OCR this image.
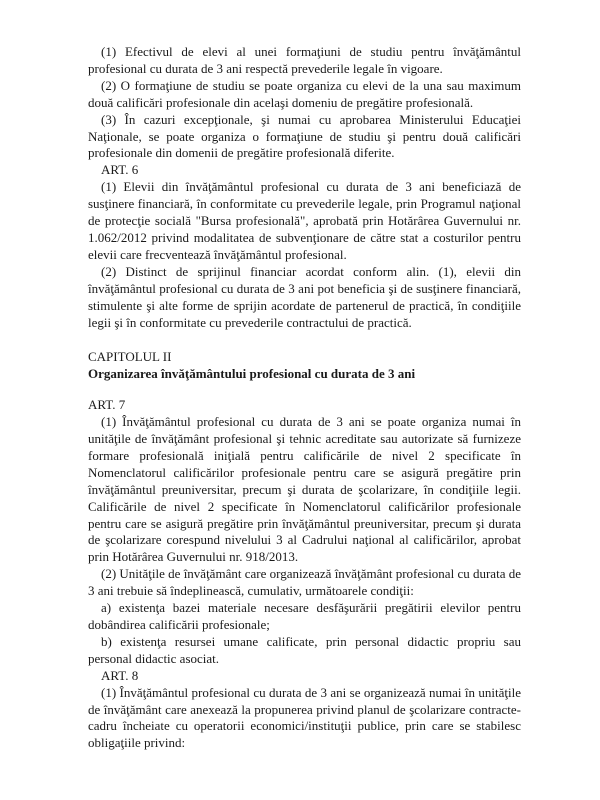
(1) Efectivul de elevi al unei formaţiuni de studiu pentru învăţământul profesional cu durata de 3 ani respectă prevederile legale în vigoare.

(2) O formaţiune de studiu se poate organiza cu elevi de la una sau maximum două calificări profesionale din acelaşi domeniu de pregătire profesională.

(3) În cazuri excepţionale, şi numai cu aprobarea Ministerului Educaţiei Naţionale, se poate organiza o formaţiune de studiu şi pentru două calificări profesionale din domenii de pregătire profesională diferite.

ART. 6

(1) Elevii din învăţământul profesional cu durata de 3 ani beneficiază de susţinere financiară, în conformitate cu prevederile legale, prin Programul naţional de protecţie socială "Bursa profesională", aprobată prin Hotărârea Guvernului nr. 1.062/2012 privind modalitatea de subvenţionare de către stat a costurilor pentru elevii care frecventează învăţământul profesional.

(2) Distinct de sprijinul financiar acordat conform alin. (1), elevii din învăţământul profesional cu durata de 3 ani pot beneficia şi de susţinere financiară, stimulente şi alte forme de sprijin acordate de partenerul de practică, în condiţiile legii şi în conformitate cu prevederile contractului de practică.

CAPITOLUL II

Organizarea învăţământului profesional cu durata de 3 ani

ART. 7

(1) Învăţământul profesional cu durata de 3 ani se poate organiza numai în unităţile de învăţământ profesional şi tehnic acreditate sau autorizate să furnizeze formare profesională iniţială pentru calificările de nivel 2 specificate în Nomenclatorul calificărilor profesionale pentru care se asigură pregătire prin învăţământul preuniversitar, precum şi durata de şcolarizare, în condiţiile legii. Calificările de nivel 2 specificate în Nomenclatorul calificărilor profesionale pentru care se asigură pregătire prin învăţământul preuniversitar, precum şi durata de şcolarizare corespund nivelului 3 al Cadrului naţional al calificărilor, aprobat prin Hotărârea Guvernului nr. 918/2013.

(2) Unităţile de învăţământ care organizează învăţământ profesional cu durata de 3 ani trebuie să îndeplinească, cumulativ, următoarele condiţii:

a) existenţa bazei materiale necesare desfăşurării pregătirii elevilor pentru dobândirea calificării profesionale;

b) existenţa resursei umane calificate, prin personal didactic propriu sau personal didactic asociat.

ART. 8

(1) Învăţământul profesional cu durata de 3 ani se organizează numai în unităţile de învăţământ care anexează la propunerea privind planul de şcolarizare contracte-cadru încheiate cu operatorii economici/instituţii publice, prin care se stabilesc obligaţiile privind:
